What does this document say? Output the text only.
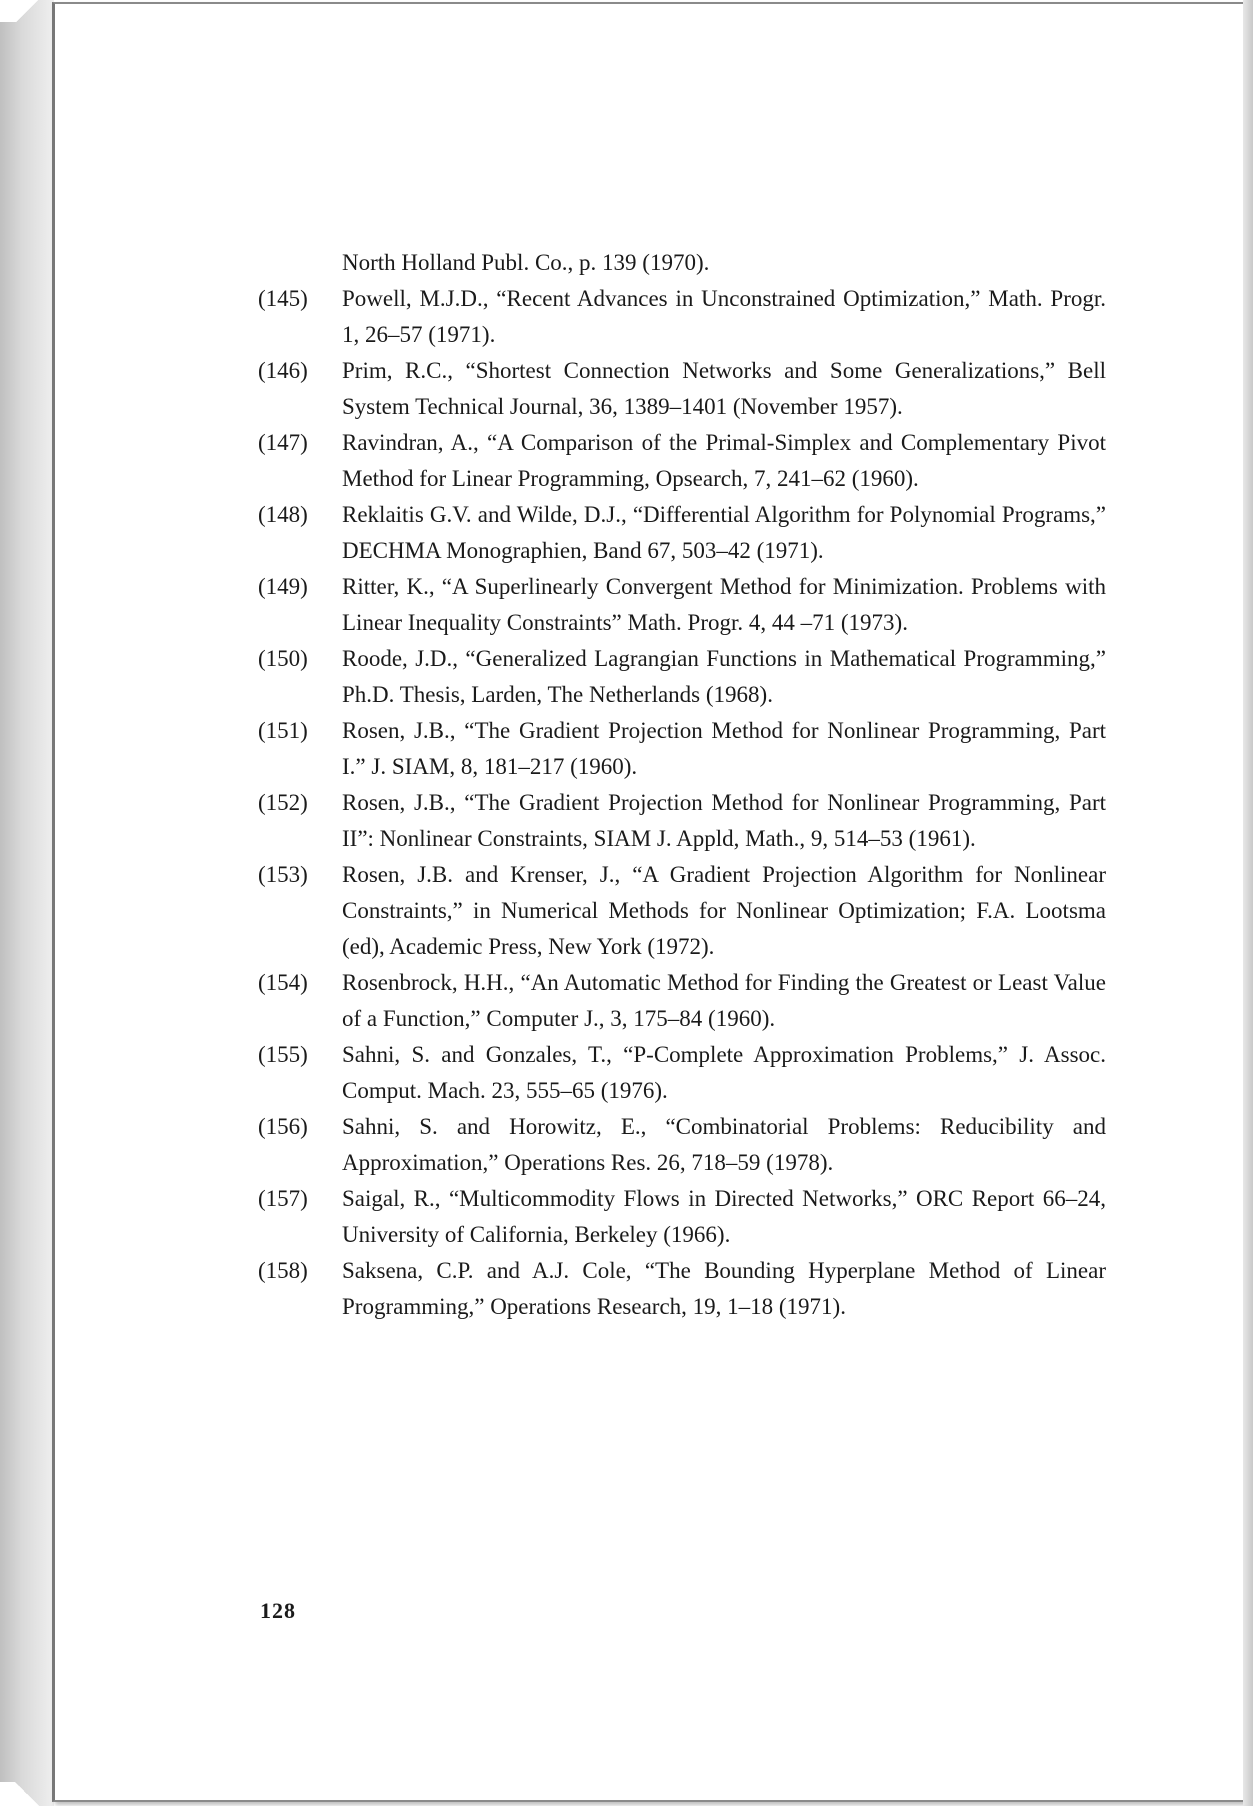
North Holland Publ. Co., p. 139 (1970).
(145)	Powell, M.J.D., “Recent Advances in Unconstrained Optimization,” Math. Progr. 1, 26–57 (1971).
(146)	Prim, R.C., “Shortest Connection Networks and Some Generalizations,” Bell System Technical Journal, 36, 1389–1401 (November 1957).
(147)	Ravindran, A., “A Comparison of the Primal-Simplex and Complementary Pivot Method for Linear Programming, Opsearch, 7, 241–62 (1960).
(148)	Reklaitis G.V. and Wilde, D.J., “Differential Algorithm for Polynomial Programs,” DECHMA Monographien, Band 67, 503–42 (1971).
(149)	Ritter, K., “A Superlinearly Convergent Method for Minimization. Problems with Linear Inequality Constraints” Math. Progr. 4, 44 –71 (1973).
(150)	Roode, J.D., “Generalized Lagrangian Functions in Mathematical Programming,” Ph.D. Thesis, Larden, The Netherlands (1968).
(151)	Rosen, J.B., “The Gradient Projection Method for Nonlinear Programming, Part I.” J. SIAM, 8, 181–217 (1960).
(152)	Rosen, J.B., “The Gradient Projection Method for Nonlinear Programming, Part II”: Nonlinear Constraints, SIAM J. Appld, Math., 9, 514–53 (1961).
(153)	Rosen, J.B. and Krenser, J., “A Gradient Projection Algorithm for Nonlinear Constraints,” in Numerical Methods for Nonlinear Optimization; F.A. Lootsma (ed), Academic Press, New York (1972).
(154)	Rosenbrock, H.H., “An Automatic Method for Finding the Greatest or Least Value of a Function,” Computer J., 3, 175–84 (1960).
(155)	Sahni, S. and Gonzales, T., “P-Complete Approximation Problems,” J. Assoc. Comput. Mach. 23, 555–65 (1976).
(156)	Sahni, S. and Horowitz, E., “Combinatorial Problems: Reducibility and Approximation,” Operations Res. 26, 718–59 (1978).
(157)	Saigal, R., “Multicommodity Flows in Directed Networks,” ORC Report 66–24, University of California, Berkeley (1966).
(158)	Saksena, C.P. and A.J. Cole, “The Bounding Hyperplane Method of Linear Programming,” Operations Research, 19, 1–18 (1971).
128
